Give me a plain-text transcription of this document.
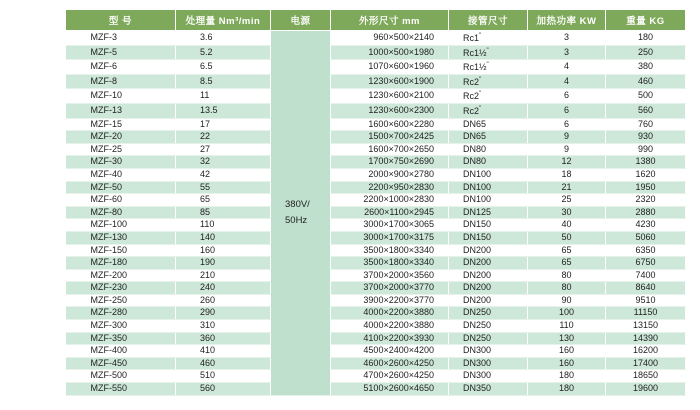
型 号	处理量 Nm³/min	电源	外形尺寸 mm	接管尺寸	加热功率 KW	重量 KG
MZF-3	3.6	380V/ 50Hz	960×500×2140	Rc1"	3	180
MZF-5	5.2		1000×500×1980	Rc1½"	3	250
MZF-6	6.5		1070×600×1960	Rc1½"	4	380
MZF-8	8.5		1230×600×1900	Rc2"	4	460
MZF-10	11		1230×600×2100	Rc2"	6	500
MZF-13	13.5		1230×600×2300	Rc2"	6	560
MZF-15	17		1600×600×2280	DN65	6	760
MZF-20	22		1500×700×2425	DN65	9	930
MZF-25	27		1600×700×2650	DN80	9	990
MZF-30	32		1700×750×2690	DN80	12	1380
MZF-40	42		2000×900×2780	DN100	18	1620
MZF-50	55		2200×950×2830	DN100	21	1950
MZF-60	65		2200×1000×2830	DN100	25	2320
MZF-80	85		2600×1100×2945	DN125	30	2880
MZF-100	110		3000×1700×3065	DN150	40	4230
MZF-130	140		3000×1700×3175	DN150	50	5060
MZF-150	160		3500×1800×3340	DN200	65	6350
MZF-180	190		3500×1800×3340	DN200	65	6750
MZF-200	210		3700×2000×3560	DN200	80	7400
MZF-230	240		3700×2000×3770	DN200	80	8640
MZF-250	260		3900×2200×3770	DN200	90	9510
MZF-280	290		4000×2200×3880	DN250	100	11150
MZF-300	310		4000×2200×3880	DN250	110	13150
MZF-350	360		4100×2200×3930	DN250	130	14390
MZF-400	410		4500×2400×4200	DN300	160	16200
MZF-450	460		4600×2600×4250	DN300	160	17400
MZF-500	510		4700×2600×4250	DN300	180	18650
MZF-550	560		5100×2600×4650	DN350	180	19600
